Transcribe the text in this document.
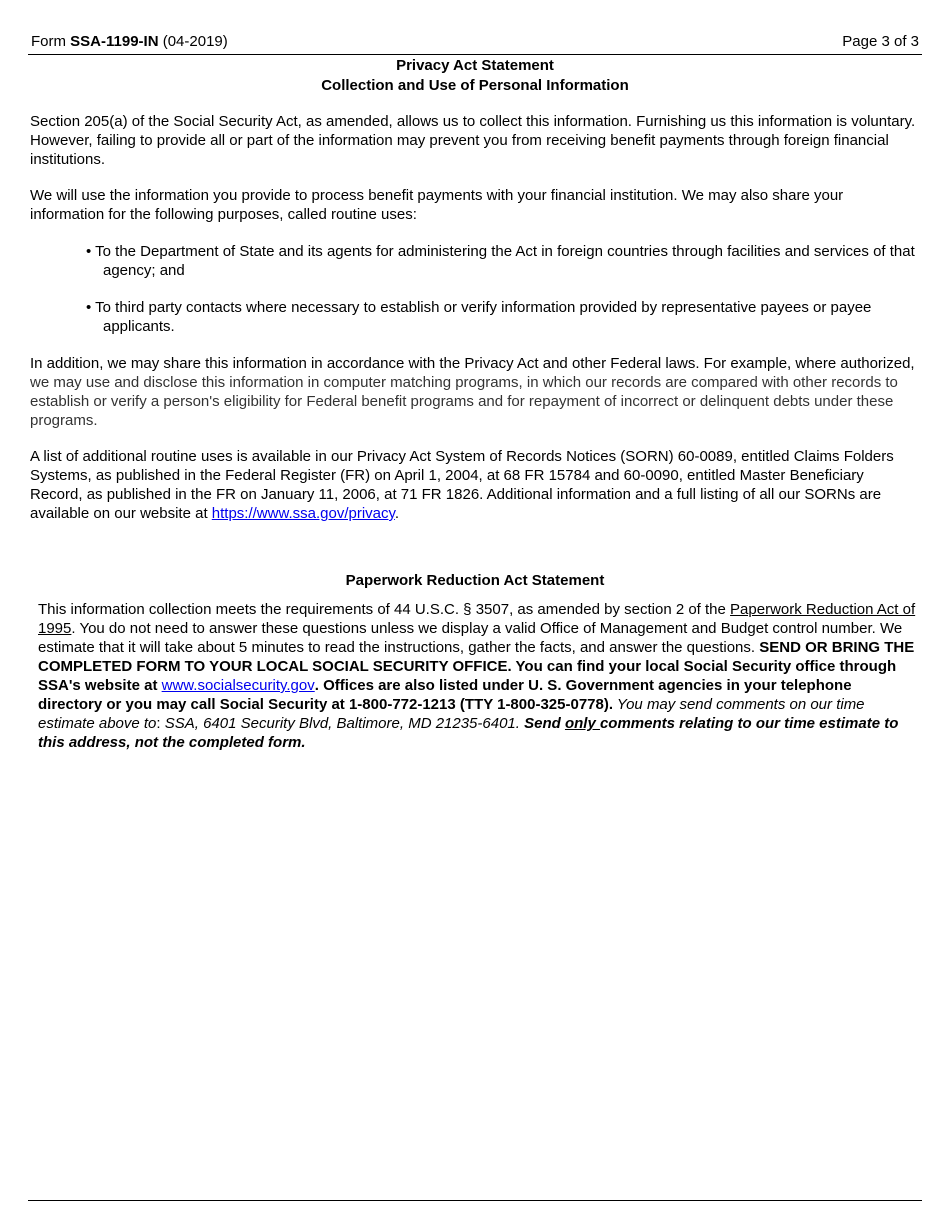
Form SSA-1199-IN (04-2019)	Page 3 of 3
Privacy Act Statement
Collection and Use of Personal Information

Section 205(a) of the Social Security Act, as amended, allows us to collect this information. Furnishing us this information is voluntary. However, failing to provide all or part of the information may prevent you from receiving benefit payments through foreign financial institutions.

We will use the information you provide to process benefit payments with your financial institution. We may also share your information for the following purposes, called routine uses:

• To the Department of State and its agents for administering the Act in foreign countries through facilities and services of that agency; and

• To third party contacts where necessary to establish or verify information provided by representative payees or payee applicants.

In addition, we may share this information in accordance with the Privacy Act and other Federal laws. For example, where authorized, we may use and disclose this information in computer matching programs, in which our records are compared with other records to establish or verify a person's eligibility for Federal benefit programs and for repayment of incorrect or delinquent debts under these programs.

A list of additional routine uses is available in our Privacy Act System of Records Notices (SORN) 60-0089, entitled Claims Folders Systems, as published in the Federal Register (FR) on April 1, 2004, at 68 FR 15784 and 60-0090, entitled Master Beneficiary Record, as published in the FR on January 11, 2006, at 71 FR 1826. Additional information and a full listing of all our SORNs are available on our website at https://www.ssa.gov/privacy.

Paperwork Reduction Act Statement

This information collection meets the requirements of 44 U.S.C. § 3507, as amended by section 2 of the Paperwork Reduction Act of 1995. You do not need to answer these questions unless we display a valid Office of Management and Budget control number. We estimate that it will take about 5 minutes to read the instructions, gather the facts, and answer the questions. SEND OR BRING THE COMPLETED FORM TO YOUR LOCAL SOCIAL SECURITY OFFICE. You can find your local Social Security office through SSA's website at www.socialsecurity.gov. Offices are also listed under U. S. Government agencies in your telephone directory or you may call Social Security at 1-800-772-1213 (TTY 1-800-325-0778). You may send comments on our time estimate above to: SSA, 6401 Security Blvd, Baltimore, MD 21235-6401. Send only comments relating to our time estimate to this address, not the completed form.
